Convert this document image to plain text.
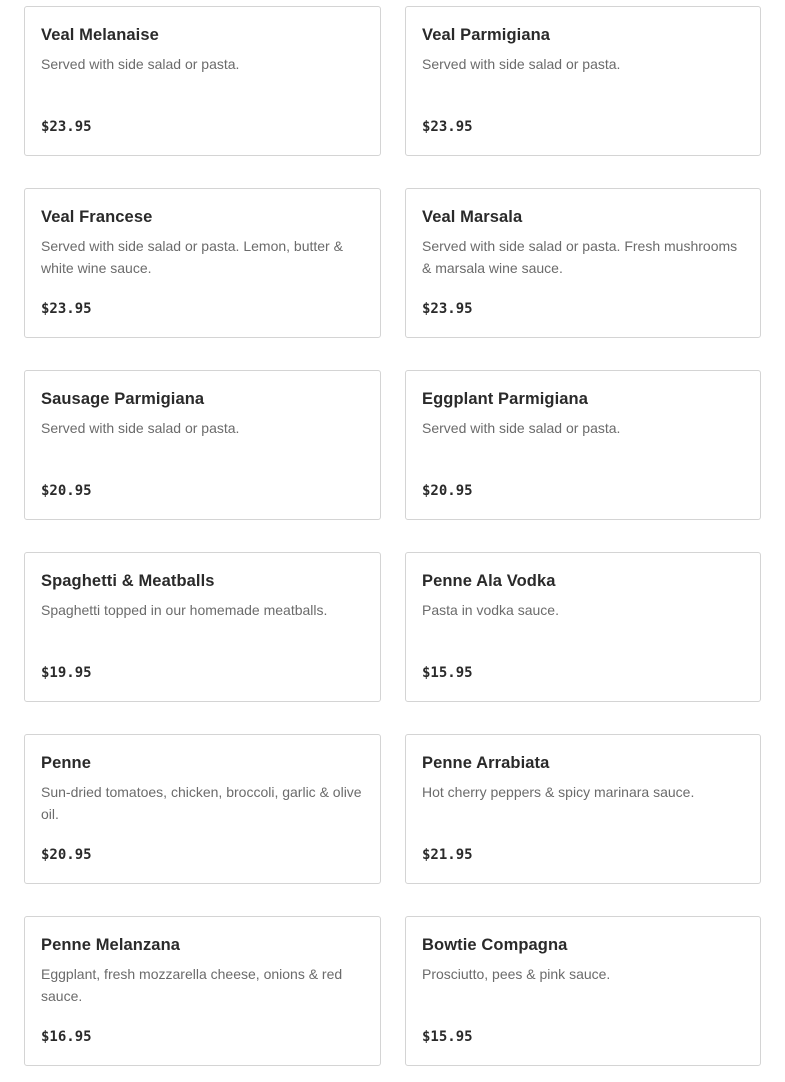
Veal Melanaise
Served with side salad or pasta.
$23.95
Veal Parmigiana
Served with side salad or pasta.
$23.95
Veal Francese
Served with side salad or pasta. Lemon, butter & white wine sauce.
$23.95
Veal Marsala
Served with side salad or pasta. Fresh mushrooms & marsala wine sauce.
$23.95
Sausage Parmigiana
Served with side salad or pasta.
$20.95
Eggplant Parmigiana
Served with side salad or pasta.
$20.95
Spaghetti & Meatballs
Spaghetti topped in our homemade meatballs.
$19.95
Penne Ala Vodka
Pasta in vodka sauce.
$15.95
Penne
Sun-dried tomatoes, chicken, broccoli, garlic & olive oil.
$20.95
Penne Arrabiata
Hot cherry peppers & spicy marinara sauce.
$21.95
Penne Melanzana
Eggplant, fresh mozzarella cheese, onions & red sauce.
$16.95
Bowtie Compagna
Prosciutto, pees & pink sauce.
$15.95
